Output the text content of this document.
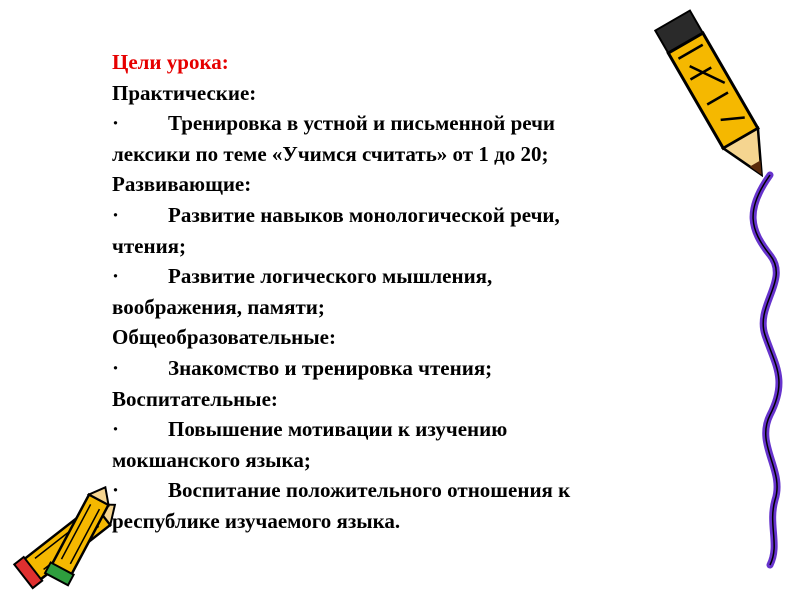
Цели урока:
Практические:
· Тренировка в устной и письменной речи
лексики по теме «Учимся считать» от 1 до 20;
Развивающие:
· Развитие навыков монологической речи,
чтения;
· Развитие логического мышления,
воображения, памяти;
Общеобразовательные:
· Знакомство и тренировка чтения;
Воспитательные:
· Повышение мотивации к изучению
мокшанского языка;
· Воспитание положительного отношения к
республике изучаемого языка.
